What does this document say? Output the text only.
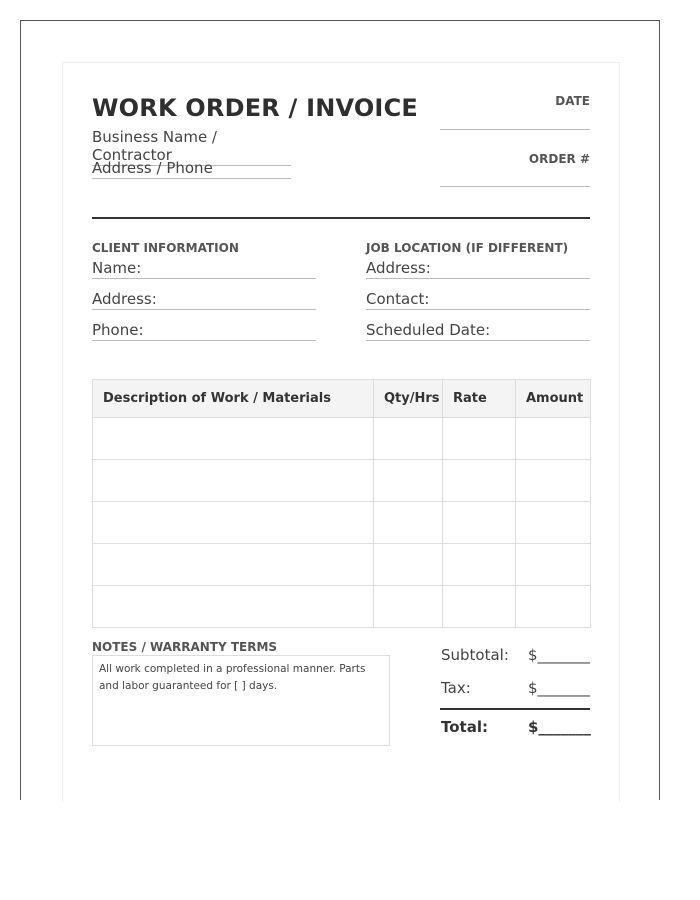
WORK ORDER / INVOICE
Business Name / Contractor
Address / Phone
DATE
ORDER #
CLIENT INFORMATION
Name:
Address:
Phone:
JOB LOCATION (IF DIFFERENT)
Address:
Contact:
Scheduled Date:
Description of Work / Materials	Qty/Hrs	Rate	Amount

NOTES / WARRANTY TERMS
All work completed in a professional manner. Parts and labor guaranteed for [ ] days.
Subtotal: $_______
Tax:	$_______
Total:	$_______
